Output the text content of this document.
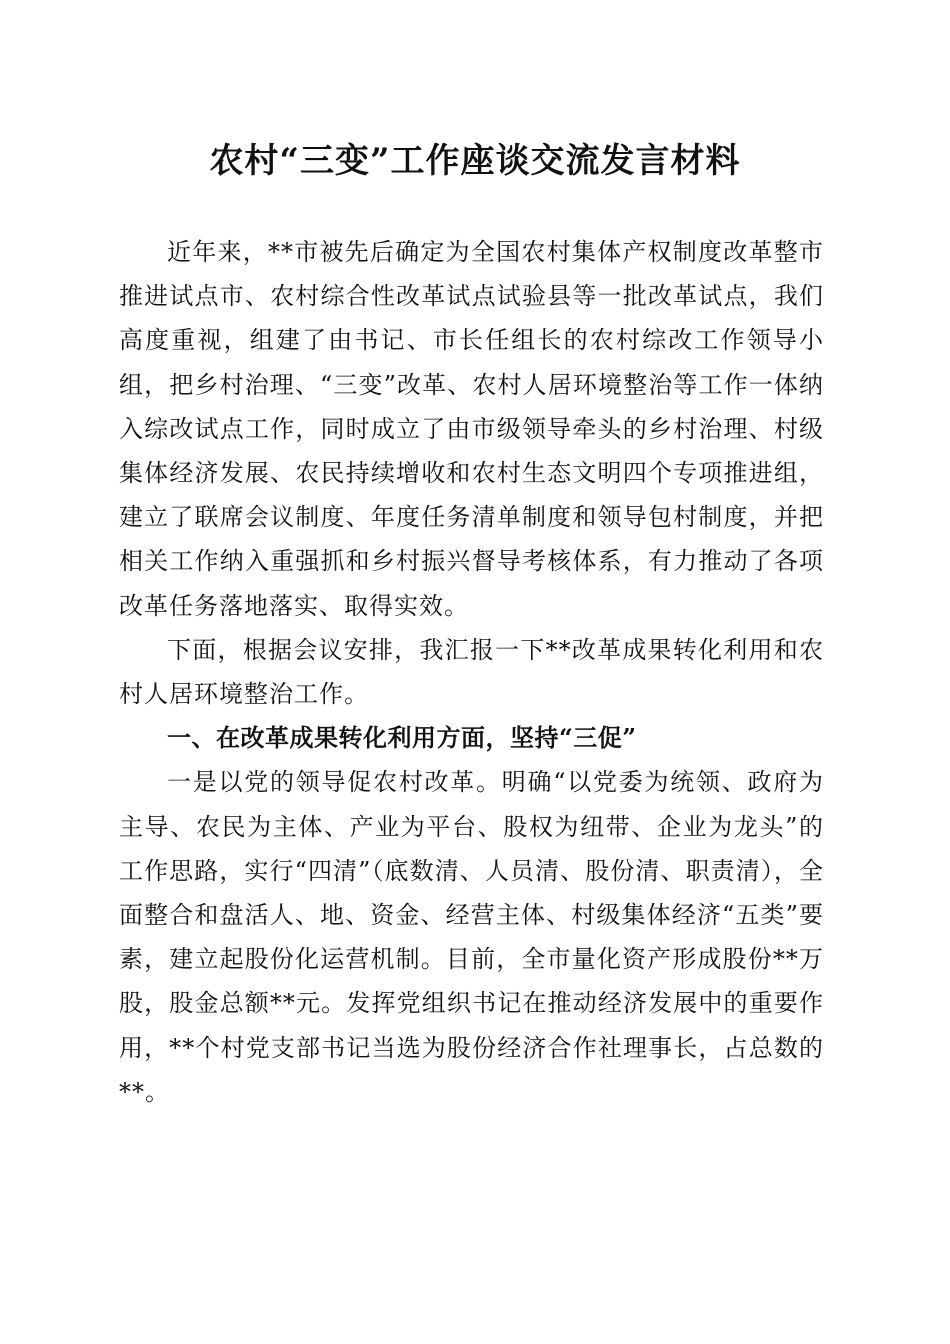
农村“三变”工作座谈交流发言材料

近年来，**市被先后确定为全国农村集体产权制度改革整市推进试点市、农村综合性改革试点试验县等一批改革试点，我们高度重视，组建了由书记、市长任组长的农村综改工作领导小组，把乡村治理、“三变”改革、农村人居环境整治等工作一体纳入综改试点工作，同时成立了由市级领导牵头的乡村治理、村级集体经济发展、农民持续增收和农村生态文明四个专项推进组，建立了联席会议制度、年度任务清单制度和领导包村制度，并把相关工作纳入重强抓和乡村振兴督导考核体系，有力推动了各项改革任务落地落实、取得实效。

下面，根据会议安排，我汇报一下**改革成果转化利用和农村人居环境整治工作。

一、在改革成果转化利用方面，坚持“三促”

一是以党的领导促农村改革。明确“以党委为统领、政府为主导、农民为主体、产业为平台、股权为纽带、企业为龙头”的工作思路，实行“四清”（底数清、人员清、股份清、职责清），全面整合和盘活人、地、资金、经营主体、村级集体经济“五类”要素，建立起股份化运营机制。目前，全市量化资产形成股份**万股，股金总额**元。发挥党组织书记在推动经济发展中的重要作用，**个村党支部书记当选为股份经济合作社理事长，占总数的**。
